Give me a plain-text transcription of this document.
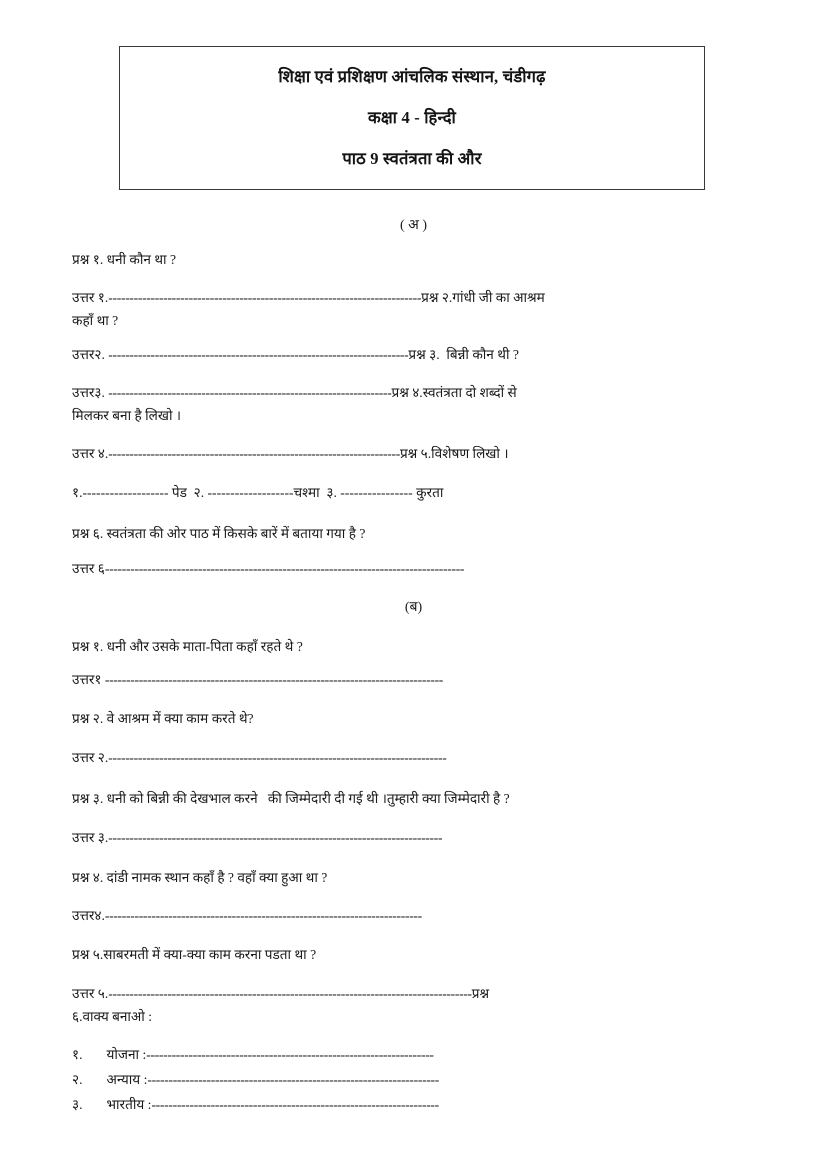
शिक्षा एवं प्रशिक्षण आंचलिक संस्थान, चंडीगढ़
कक्षा 4 - हिन्दी
पाठ 9 स्वतंत्रता की और
( अ )
प्रश्न १. धनी कौन था ?
उत्तर १.--------------------------------------------------------------------------प्रश्न २.गांधी जी का आश्रम
कहाॅं था ?
उत्तर२. -----------------------------------------------------------------------प्रश्न ३.  बिन्नी कौन थी ?
उत्तर३. -------------------------------------------------------------------प्रश्न ४.स्वतंत्रता दो शब्दों से
मिलकर बना है लिखो ।
उत्तर ४.---------------------------------------------------------------------प्रश्न ५.विशेषण लिखो ।
१.------------------- पेड  २. -------------------चश्मा  ३. ---------------- कुरता
प्रश्न ६. स्वतंत्रता की ओर पाठ में किसके बारें में बताया गया है ?
उत्तर ६-------------------------------------------------------------------------------------
(ब)
प्रश्न १. धनी और उसके माता-पिता कहाॅं रहते थे ?
उत्तर१ --------------------------------------------------------------------------------
प्रश्न २. वे आश्रम में क्या काम करते थे?
उत्तर २.--------------------------------------------------------------------------------
प्रश्न ३. धनी को बिन्नी की देखभाल करने   की जिम्मेदारी दी गई थी ।तुम्हारी क्या जिम्मेदारी है ?
उत्तर ३.-------------------------------------------------------------------------------
प्रश्न ४. दांडी नामक स्थान कहाॅं है ? वहाॅं क्या हुआ था ?
उत्तर४.---------------------------------------------------------------------------
प्रश्न ५.साबरमती में क्या-क्या काम करना पडता था ?
उत्तर ५.--------------------------------------------------------------------------------------प्रश्न
६.वाक्य बनाओ :
१. योजना :--------------------------------------------------------------------
२. अन्याय :---------------------------------------------------------------------
३. भारतीय :--------------------------------------------------------------------
